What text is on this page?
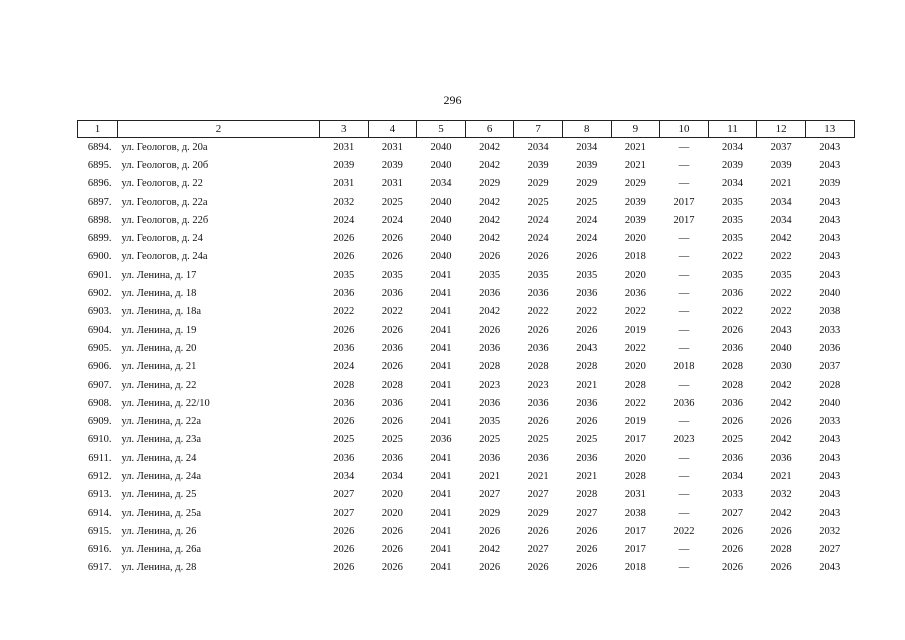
296
1	2	3	4	5	6	7	8	9	10	11	12	13
6894.	ул. Геологов, д. 20а	2031	2031	2040	2042	2034	2034	2021	—	2034	2037	2043
6895.	ул. Геологов, д. 20б	2039	2039	2040	2042	2039	2039	2021	—	2039	2039	2043
6896.	ул. Геологов, д. 22	2031	2031	2034	2029	2029	2029	2029	—	2034	2021	2039
6897.	ул. Геологов, д. 22а	2032	2025	2040	2042	2025	2025	2039	2017	2035	2034	2043
6898.	ул. Геологов, д. 22б	2024	2024	2040	2042	2024	2024	2039	2017	2035	2034	2043
6899.	ул. Геологов, д. 24	2026	2026	2040	2042	2024	2024	2020	—	2035	2042	2043
6900.	ул. Геологов, д. 24а	2026	2026	2040	2026	2026	2026	2018	—	2022	2022	2043
6901.	ул. Ленина, д. 17	2035	2035	2041	2035	2035	2035	2020	—	2035	2035	2043
6902.	ул. Ленина, д. 18	2036	2036	2041	2036	2036	2036	2036	—	2036	2022	2040
6903.	ул. Ленина, д. 18а	2022	2022	2041	2042	2022	2022	2022	—	2022	2022	2038
6904.	ул. Ленина, д. 19	2026	2026	2041	2026	2026	2026	2019	—	2026	2043	2033
6905.	ул. Ленина, д. 20	2036	2036	2041	2036	2036	2043	2022	—	2036	2040	2036
6906.	ул. Ленина, д. 21	2024	2026	2041	2028	2028	2028	2020	2018	2028	2030	2037
6907.	ул. Ленина, д. 22	2028	2028	2041	2023	2023	2021	2028	—	2028	2042	2028
6908.	ул. Ленина, д. 22/10	2036	2036	2041	2036	2036	2036	2022	2036	2036	2042	2040
6909.	ул. Ленина, д. 22а	2026	2026	2041	2035	2026	2026	2019	—	2026	2026	2033
6910.	ул. Ленина, д. 23а	2025	2025	2036	2025	2025	2025	2017	2023	2025	2042	2043
6911.	ул. Ленина, д. 24	2036	2036	2041	2036	2036	2036	2020	—	2036	2036	2043
6912.	ул. Ленина, д. 24а	2034	2034	2041	2021	2021	2021	2028	—	2034	2021	2043
6913.	ул. Ленина, д. 25	2027	2020	2041	2027	2027	2028	2031	—	2033	2032	2043
6914.	ул. Ленина, д. 25а	2027	2020	2041	2029	2029	2027	2038	—	2027	2042	2043
6915.	ул. Ленина, д. 26	2026	2026	2041	2026	2026	2026	2017	2022	2026	2026	2032
6916.	ул. Ленина, д. 26а	2026	2026	2041	2042	2027	2026	2017	—	2026	2028	2027
6917.	ул. Ленина, д. 28	2026	2026	2041	2026	2026	2026	2018	—	2026	2026	2043
